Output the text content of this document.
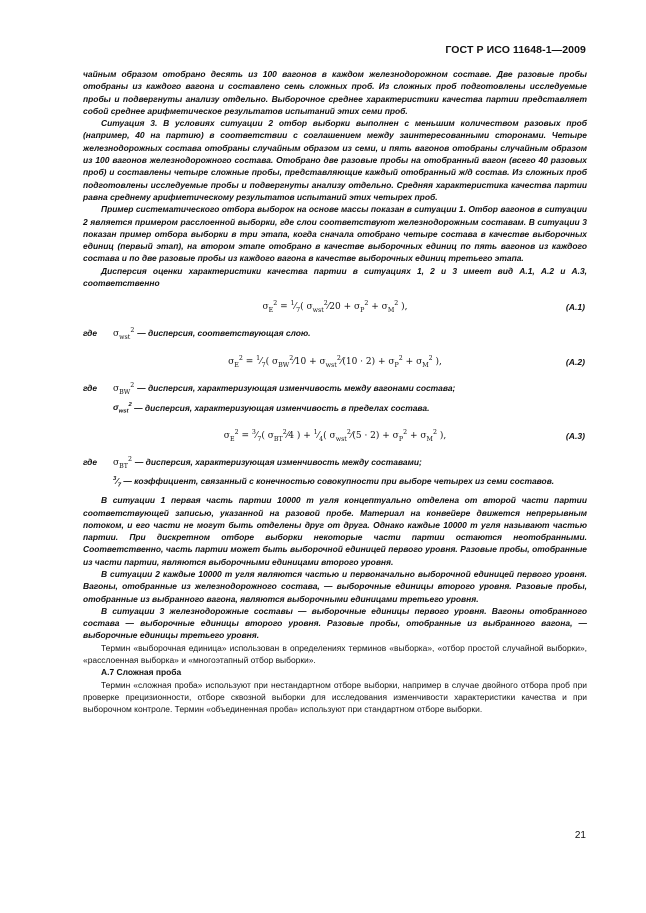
ГОСТ Р ИСО 11648-1—2009

чайным образом отобрано десять из 100 вагонов в каждом железнодорожном составе. Две разовые пробы отобраны из каждого вагона и составлено семь сложных проб. Из сложных проб подготовлены исследуемые пробы и подвергнуты анализу отдельно. Выборочное среднее характеристики качества партии представляет собой среднее арифметическое результатов испытаний этих семи проб.

Ситуация 3. В условиях ситуации 2 отбор выборки выполнен с меньшим количеством разовых проб (например, 40 на партию) в соответствии с соглашением между заинтересованными сторонами. Четыре железнодорожных состава отобраны случайным образом из семи, и пять вагонов отобраны случайным образом из 100 вагонов железнодорожного состава. Отобрано две разовые пробы на отобранный вагон (всего 40 разовых проб) и составлены четыре сложные пробы, представляющие каждый отобранный ж/д состав. Из сложных проб подготовлены исследуемые пробы и подвергнуты анализу отдельно. Средняя характеристика качества партии равна среднему арифметическому результатов испытаний этих четырех проб.

Пример систематического отбора выборок на основе массы показан в ситуации 1. Отбор вагонов в ситуации 2 является примером расслоенной выборки, где слои соответствуют железнодорожным составам. В ситуации 3 показан пример отбора выборки в три этапа, когда сначала отобрано четыре состава в качестве выборочных единиц (первый этап), на втором этапе отобрано в качестве выборочных единиц по пять вагонов из каждого состава и по две разовые пробы из каждого вагона в качестве выборочных единиц третьего этапа.

Дисперсия оценки характеристики качества партии в ситуациях 1, 2 и 3 имеет вид А.1, А.2 и А.3, соответственно

$\sigma_E^2$ = $^1⁄_7$( $\sigma_{wst}^2⁄20 + \sigma_P^2 + \sigma_M^2$ ),	(А.1)

где $\sigma_{wst}^2$ — дисперсия, соответствующая слою.

$\sigma_E^2$ = $^1⁄_7$( $\sigma_{BW}^2⁄10$ + $\sigma_{wst}^2⁄(10 \cdot 2) + \sigma_P^2 + \sigma_M^2$ ),	(А.2)

где $\sigma_{BW}^2$ — дисперсия, характеризующая изменчивость между вагонами состава;

$\sigma_{wst}^2$ — дисперсия, характеризующая изменчивость в пределах состава.

$\sigma_E^2$ = $^3⁄_7$( $\sigma_{BT}^2⁄4$ ) + $^1⁄_4$( $\sigma_{wst}^2⁄(5 \cdot 2) + \sigma_P^2 + \sigma_M^2$ ),	(А.3)

где $\sigma_{BT}^2$ — дисперсия, характеризующая изменчивость между составами;

$^3⁄_7$ — коэффициент, связанный с конечностью совокупности при выборе четырех из семи составов.

В ситуации 1 первая часть партии 10000 т угля концептуально отделена от второй части партии соответствующей записью, указанной на разовой пробе. Материал на конвейере движется непрерывным потоком, и его части не могут быть отделены друг от друга. Однако каждые 10000 т угля называют частью партии. При дискретном отборе выборки некоторые части партии остаются неотобранными. Соответственно, часть партии может быть выборочной единицей первого уровня. Разовые пробы, отобранные из части партии, являются выборочными единицами второго уровня.

В ситуации 2 каждые 10000 т угля являются частью и первоначально выборочной единицей первого уровня. Вагоны, отобранные из железнодорожного состава, — выборочные единицы второго уровня. Разовые пробы, отобранные из выбранного вагона, являются выборочными единицами третьего уровня.

В ситуации 3 железнодорожные составы — выборочные единицы первого уровня. Вагоны отобранного состава — выборочные единицы второго уровня. Разовые пробы, отобранные из выбранного вагона, — выборочные единицы третьего уровня.

Термин «выборочная единица» использован в определениях терминов «выборка», «отбор простой случайной выборки», «расслоенная выборка» и «многоэтапный отбор выборки».

А.7 Сложная проба

Термин «сложная проба» используют при нестандартном отборе выборки, например в случае двойного отбора проб при проверке прецизионности, отборе сквозной выборки для исследования изменчивости характеристики качества и при выборочном контроле. Термин «объединенная проба» используют при стандартном отборе выборки.

21
